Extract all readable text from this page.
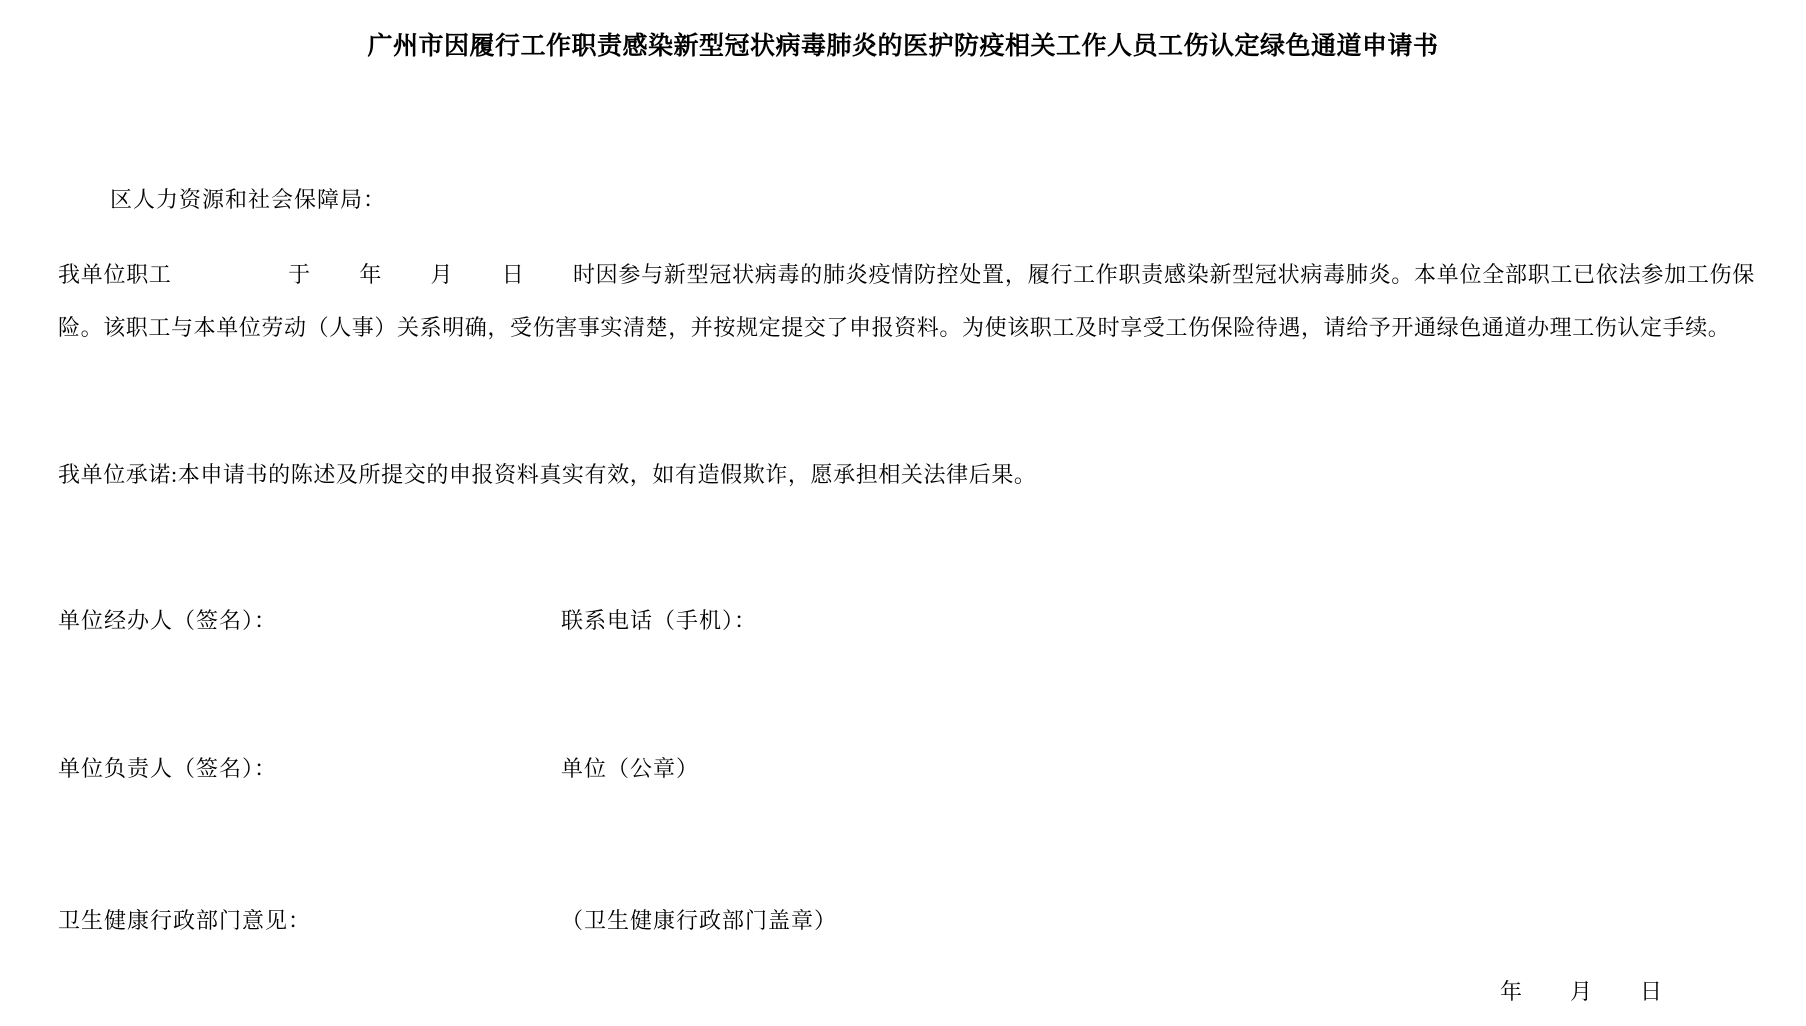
广州市因履行工作职责感染新型冠状病毒肺炎的医护防疫相关工作人员工伤认定绿色通道申请书
区人力资源和社会保障局：
我单位职工	于 年 月 日 时因参与新型冠状病毒的肺炎疫情防控处置，履行工作职责感染新型冠状病毒肺炎。本单位全部职工已依法参加工伤保险。该职工与本单位劳动（人事）关系明确，受伤害事实清楚，并按规定提交了申报资料。为使该职工及时享受工伤保险待遇，请给予开通绿色通道办理工伤认定手续。
我单位承诺:本申请书的陈述及所提交的申报资料真实有效，如有造假欺诈，愿承担相关法律后果。
单位经办人（签名）：	联系电话（手机）：
单位负责人（签名）：	单位（公章）
卫生健康行政部门意见：	（卫生健康行政部门盖章）
年 月 日
